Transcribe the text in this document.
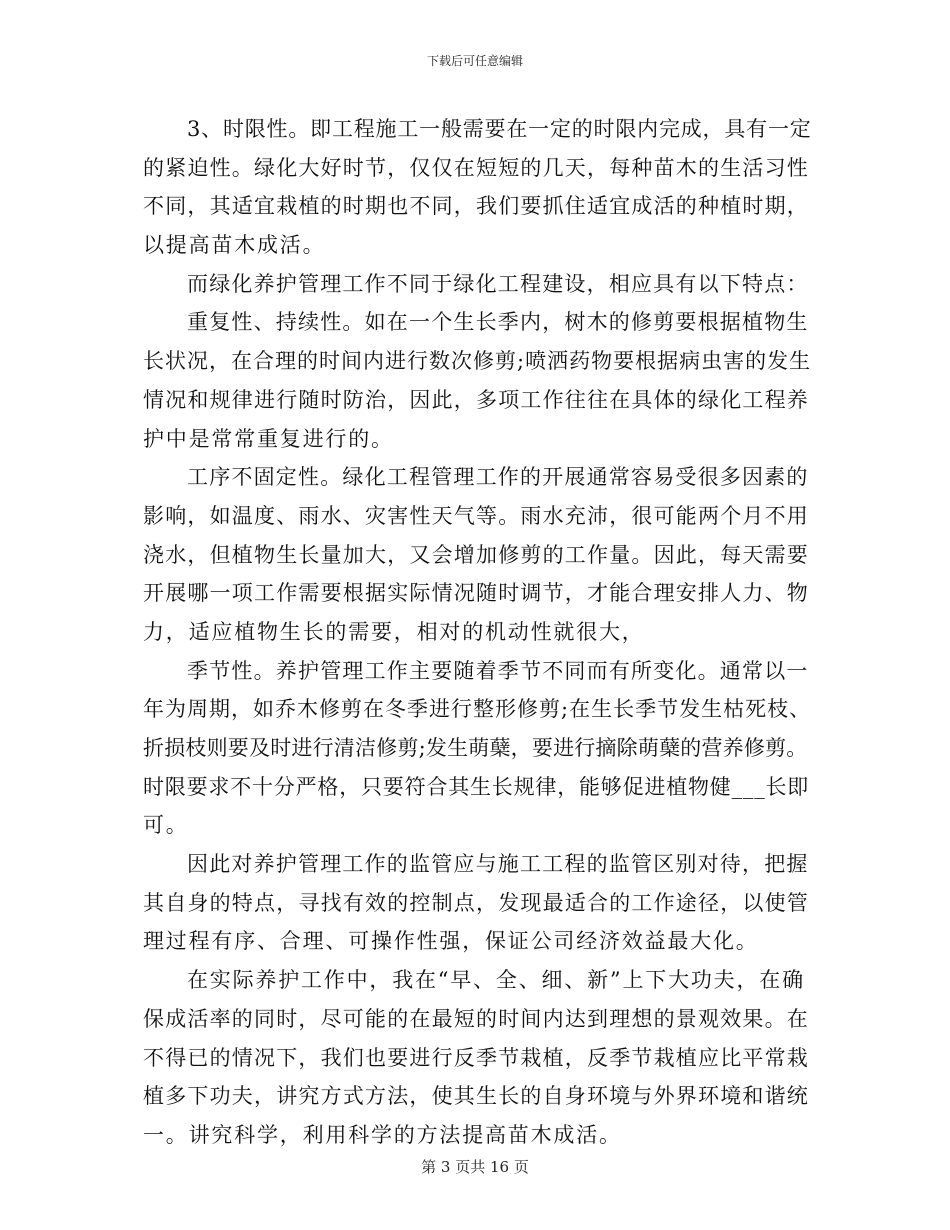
下载后可任意编辑
3、时限性。即工程施工一般需要在一定的时限内完成，具有一定
的紧迫性。绿化大好时节，仅仅在短短的几天，每种苗木的生活习性
不同，其适宜栽植的时期也不同，我们要抓住适宜成活的种植时期，
以提高苗木成活。
而绿化养护管理工作不同于绿化工程建设，相应具有以下特点：
重复性、持续性。如在一个生长季内，树木的修剪要根据植物生
长状况，在合理的时间内进行数次修剪;喷洒药物要根据病虫害的发生
情况和规律进行随时防治，因此，多项工作往往在具体的绿化工程养
护中是常常重复进行的。
工序不固定性。绿化工程管理工作的开展通常容易受很多因素的
影响，如温度、雨水、灾害性天气等。雨水充沛，很可能两个月不用
浇水，但植物生长量加大，又会增加修剪的工作量。因此，每天需要
开展哪一项工作需要根据实际情况随时调节，才能合理安排人力、物
力，适应植物生长的需要，相对的机动性就很大，
季节性。养护管理工作主要随着季节不同而有所变化。通常以一
年为周期，如乔木修剪在冬季进行整形修剪;在生长季节发生枯死枝、
折损枝则要及时进行清洁修剪;发生萌蘖，要进行摘除萌蘖的营养修剪。
时限要求不十分严格，只要符合其生长规律，能够促进植物健___长即
可。
因此对养护管理工作的监管应与施工工程的监管区别对待，把握
其自身的特点，寻找有效的控制点，发现最适合的工作途径，以使管
理过程有序、合理、可操作性强，保证公司经济效益最大化。
在实际养护工作中，我在“早、全、细、新”上下大功夫，在确
保成活率的同时，尽可能的在最短的时间内达到理想的景观效果。在
不得已的情况下，我们也要进行反季节栽植，反季节栽植应比平常栽
植多下功夫，讲究方式方法，使其生长的自身环境与外界环境和谐统
一。讲究科学，利用科学的方法提高苗木成活。
第 3 页共 16 页
